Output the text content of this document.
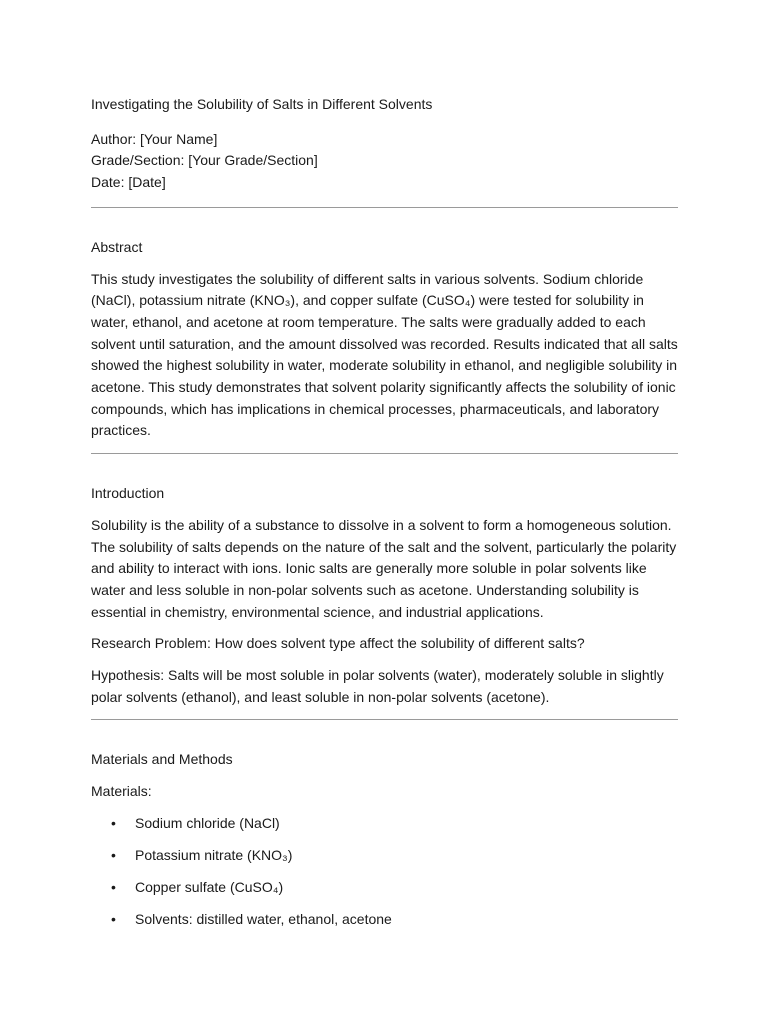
Investigating the Solubility of Salts in Different Solvents

Author: [Your Name]

Grade/Section: [Your Grade/Section]

Date: [Date]

Abstract

This study investigates the solubility of different salts in various solvents. Sodium chloride (NaCl), potassium nitrate (KNO₃), and copper sulfate (CuSO₄) were tested for solubility in water, ethanol, and acetone at room temperature. The salts were gradually added to each solvent until saturation, and the amount dissolved was recorded. Results indicated that all salts showed the highest solubility in water, moderate solubility in ethanol, and negligible solubility in acetone. This study demonstrates that solvent polarity significantly affects the solubility of ionic compounds, which has implications in chemical processes, pharmaceuticals, and laboratory practices.

Introduction

Solubility is the ability of a substance to dissolve in a solvent to form a homogeneous solution. The solubility of salts depends on the nature of the salt and the solvent, particularly the polarity and ability to interact with ions. Ionic salts are generally more soluble in polar solvents like water and less soluble in non-polar solvents such as acetone. Understanding solubility is essential in chemistry, environmental science, and industrial applications.

Research Problem: How does solvent type affect the solubility of different salts?

Hypothesis: Salts will be most soluble in polar solvents (water), moderately soluble in slightly polar solvents (ethanol), and least soluble in non-polar solvents (acetone).

Materials and Methods

Materials:

• Sodium chloride (NaCl)
• Potassium nitrate (KNO₃)
• Copper sulfate (CuSO₄)
• Solvents: distilled water, ethanol, acetone
